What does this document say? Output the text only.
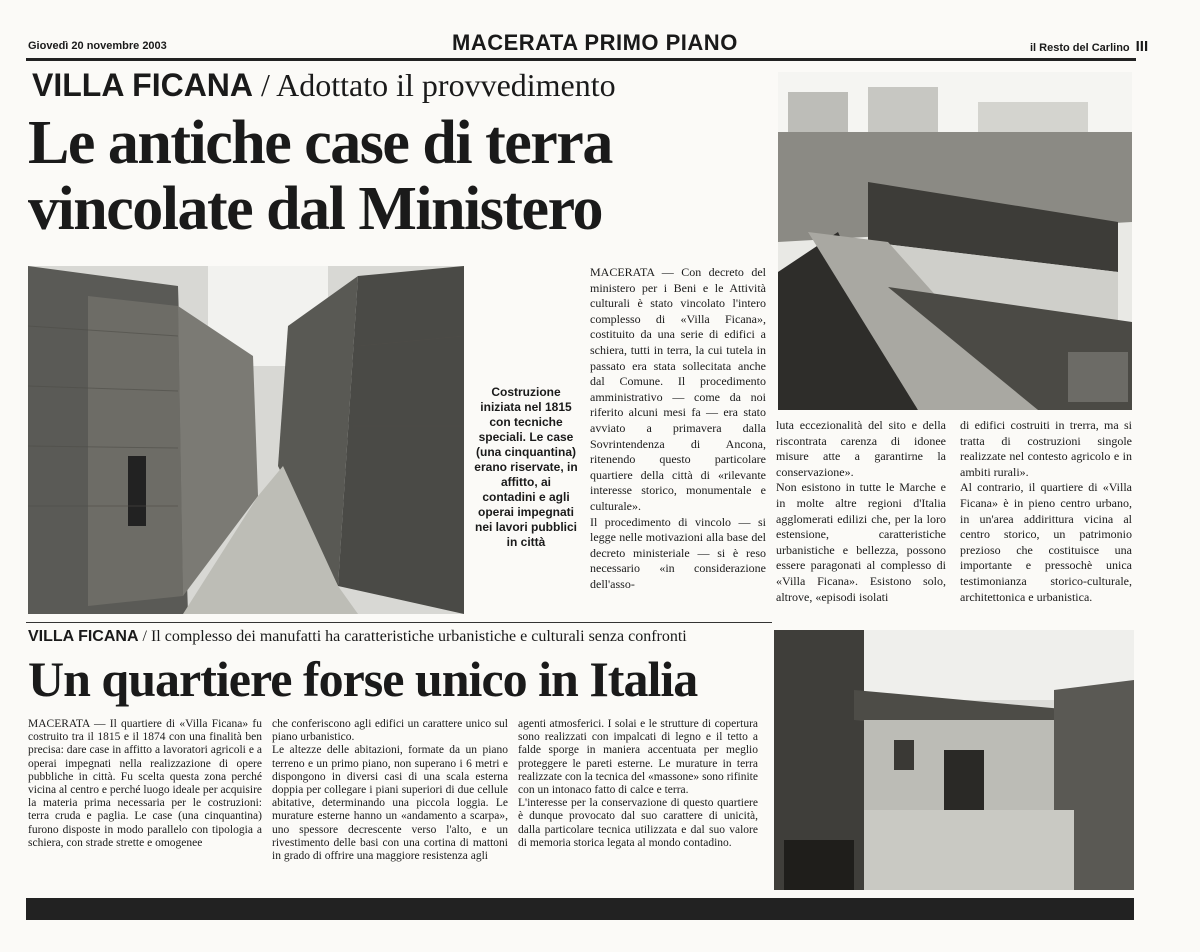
Giovedì 20 novembre 2003	MACERATA PRIMO PIANO	il Resto del Carlino III
VILLA FICANA / Adottato il provvedimento
Le antiche case di terra vincolate dal Ministero
Costruzione iniziata nel 1815 con tecniche speciali. Le case (una cinquantina) erano riservate, in affitto, ai contadini e agli operai impegnati nei lavori pubblici in città

MACERATA — Con decreto del ministero per i Beni e le Attività culturali è stato vincolato l'intero complesso di «Villa Ficana», costituito da una serie di edifici a schiera, tutti in terra, la cui tutela in passato era stata sollecitata anche dal Comune. Il procedimento amministrativo — come da noi riferito alcuni mesi fa — era stato avviato a primavera dalla Sovrintendenza di Ancona, ritenendo questo particolare quartiere della città di «rilevante interesse storico, monumentale e culturale».

Il procedimento di vincolo — si legge nelle motivazioni alla base del decreto ministeriale — si è reso necessario «in considerazione dell'asso-

luta eccezionalità del sito e della riscontrata carenza di idonee misure atte a garantirne la conservazione».

Non esistono in tutte le Marche e in molte altre regioni d'Italia agglomerati edilizi che, per la loro estensione, caratteristiche urbanistiche e bellezza, possono essere paragonati al complesso di «Villa Ficana». Esistono solo, altrove, «episodi isolati

di edifici costruiti in trerra, ma si tratta di costruzioni singole realizzate nel contesto agricolo e in ambiti rurali».

Al contrario, il quartiere di «Villa Ficana» è in pieno centro urbano, in un'area addirittura vicina al centro storico, un patrimonio prezioso che costituisce una importante e pressochè unica testimonianza storico-culturale, architettonica e urbanistica.

VILLA FICANA / Il complesso dei manufatti ha caratteristiche urbanistiche e culturali senza confronti
Un quartiere forse unico in Italia

MACERATA — Il quartiere di «Villa Ficana» fu costruito tra il 1815 e il 1874 con una finalità ben precisa: dare case in affitto a lavoratori agricoli e a operai impegnati nella realizzazione di opere pubbliche in città. Fu scelta questa zona perché vicina al centro e perché luogo ideale per acquisire la materia prima necessaria per le costruzioni: terra cruda e paglia. Le case (una cinquantina) furono disposte in modo parallelo con tipologia a schiera, con strade strette e omogenee

che conferiscono agli edifici un carattere unico sul piano urbanistico.

Le altezze delle abitazioni, formate da un piano terreno e un primo piano, non superano i 6 metri e dispongono in diversi casi di una scala esterna doppia per collegare i piani superiori di due cellule abitative, determinando una piccola loggia. Le murature esterne hanno un «andamento a scarpa», uno spessore decrescente verso l'alto, e un rivestimento delle basi con una cortina di mattoni in grado di offrire una maggiore resistenza agli

agenti atmosferici. I solai e le strutture di copertura sono realizzati con impalcati di legno e il tetto a falde sporge in maniera accentuata per meglio proteggere le pareti esterne. Le murature in terra realizzate con la tecnica del «massone» sono rifinite con un intonaco fatto di calce e terra.

L'interesse per la conservazione di questo quartiere è dunque provocato dal suo carattere di unicità, dalla particolare tecnica utilizzata e dal suo valore di memoria storica legata al mondo contadino.
